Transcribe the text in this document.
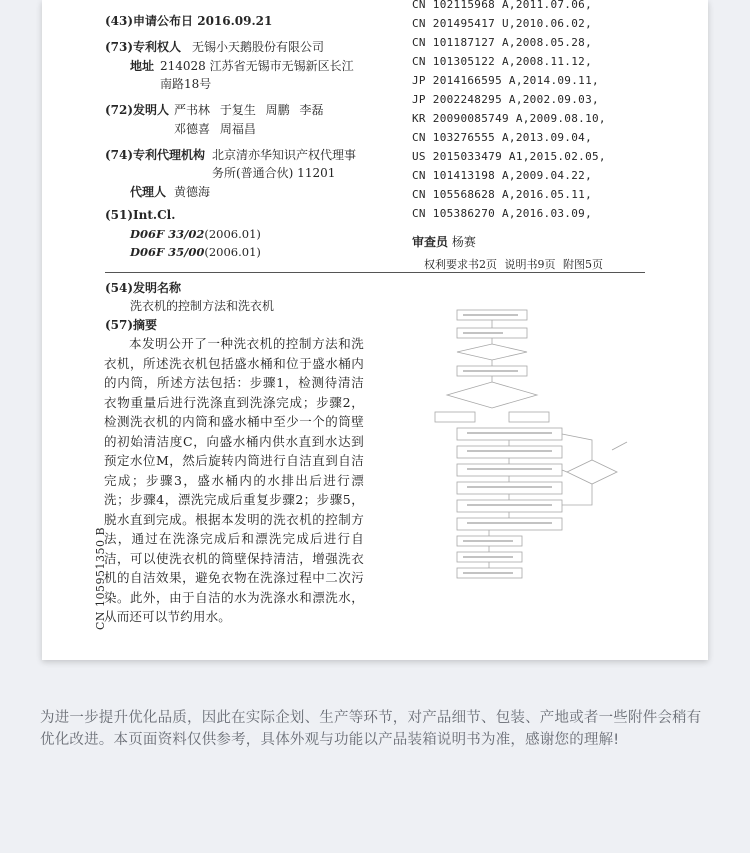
(43)申请公布日 2016.09.21
(73)专利权人 无锡小天鹅股份有限公司
地址 214028 江苏省无锡市无锡新区长江
南路18号
(72)发明人 严书林 于复生 周鹏 李磊
邓德喜 周福昌
(74)专利代理机构 北京清亦华知识产权代理事
务所(普通合伙) 11201
代理人 黄德海
(51)Int.Cl.
D06F 33/02(2006.01)
D06F 35/00(2006.01)
CN 102115968 A,2011.07.06,
CN 201495417 U,2010.06.02,
CN 101187127 A,2008.05.28,
CN 101305122 A,2008.11.12,
JP 2014166595 A,2014.09.11,
JP 2002248295 A,2002.09.03,
KR 20090085749 A,2009.08.10,
CN 103276555 A,2013.09.04,
US 2015033479 A1,2015.02.05,
CN 101413198 A,2009.04.22,
CN 105568628 A,2016.05.11,
CN 105386270 A,2016.03.09,
审查员 杨赛
权利要求书2页 说明书9页 附图5页
(54)发明名称
洗衣机的控制方法和洗衣机
(57)摘要
本发明公开了一种洗衣机的控制方法和洗衣机，所述洗衣机包括盛水桶和位于盛水桶内的内筒，所述方法包括：步骤1，检测待清洁衣物重量后进行洗涤直到洗涤完成；步骤2，检测洗衣机的内筒和盛水桶中至少一个的筒壁的初始清洁度C，向盛水桶内供水直到水达到预定水位M，然后旋转内筒进行自洁直到自洁完成；步骤3，盛水桶内的水排出后进行漂洗；步骤4，漂洗完成后重复步骤2；步骤5，脱水直到完成。根据本发明的洗衣机的控制方法，通过在洗涤完成后和漂洗完成后进行自洁，可以使洗衣机的筒壁保持清洁，增强洗衣机的自洁效果，避免衣物在洗涤过程中二次污染。此外，由于自洁的水为洗涤水和漂洗水，从而还可以节约用水。
CN 105951350 B
为进一步提升优化品质，因此在实际企划、生产等环节，对产品细节、包装、产地或者一些附件会稍有优化改进。本页面资料仅供参考，具体外观与功能以产品装箱说明书为准，感谢您的理解!
